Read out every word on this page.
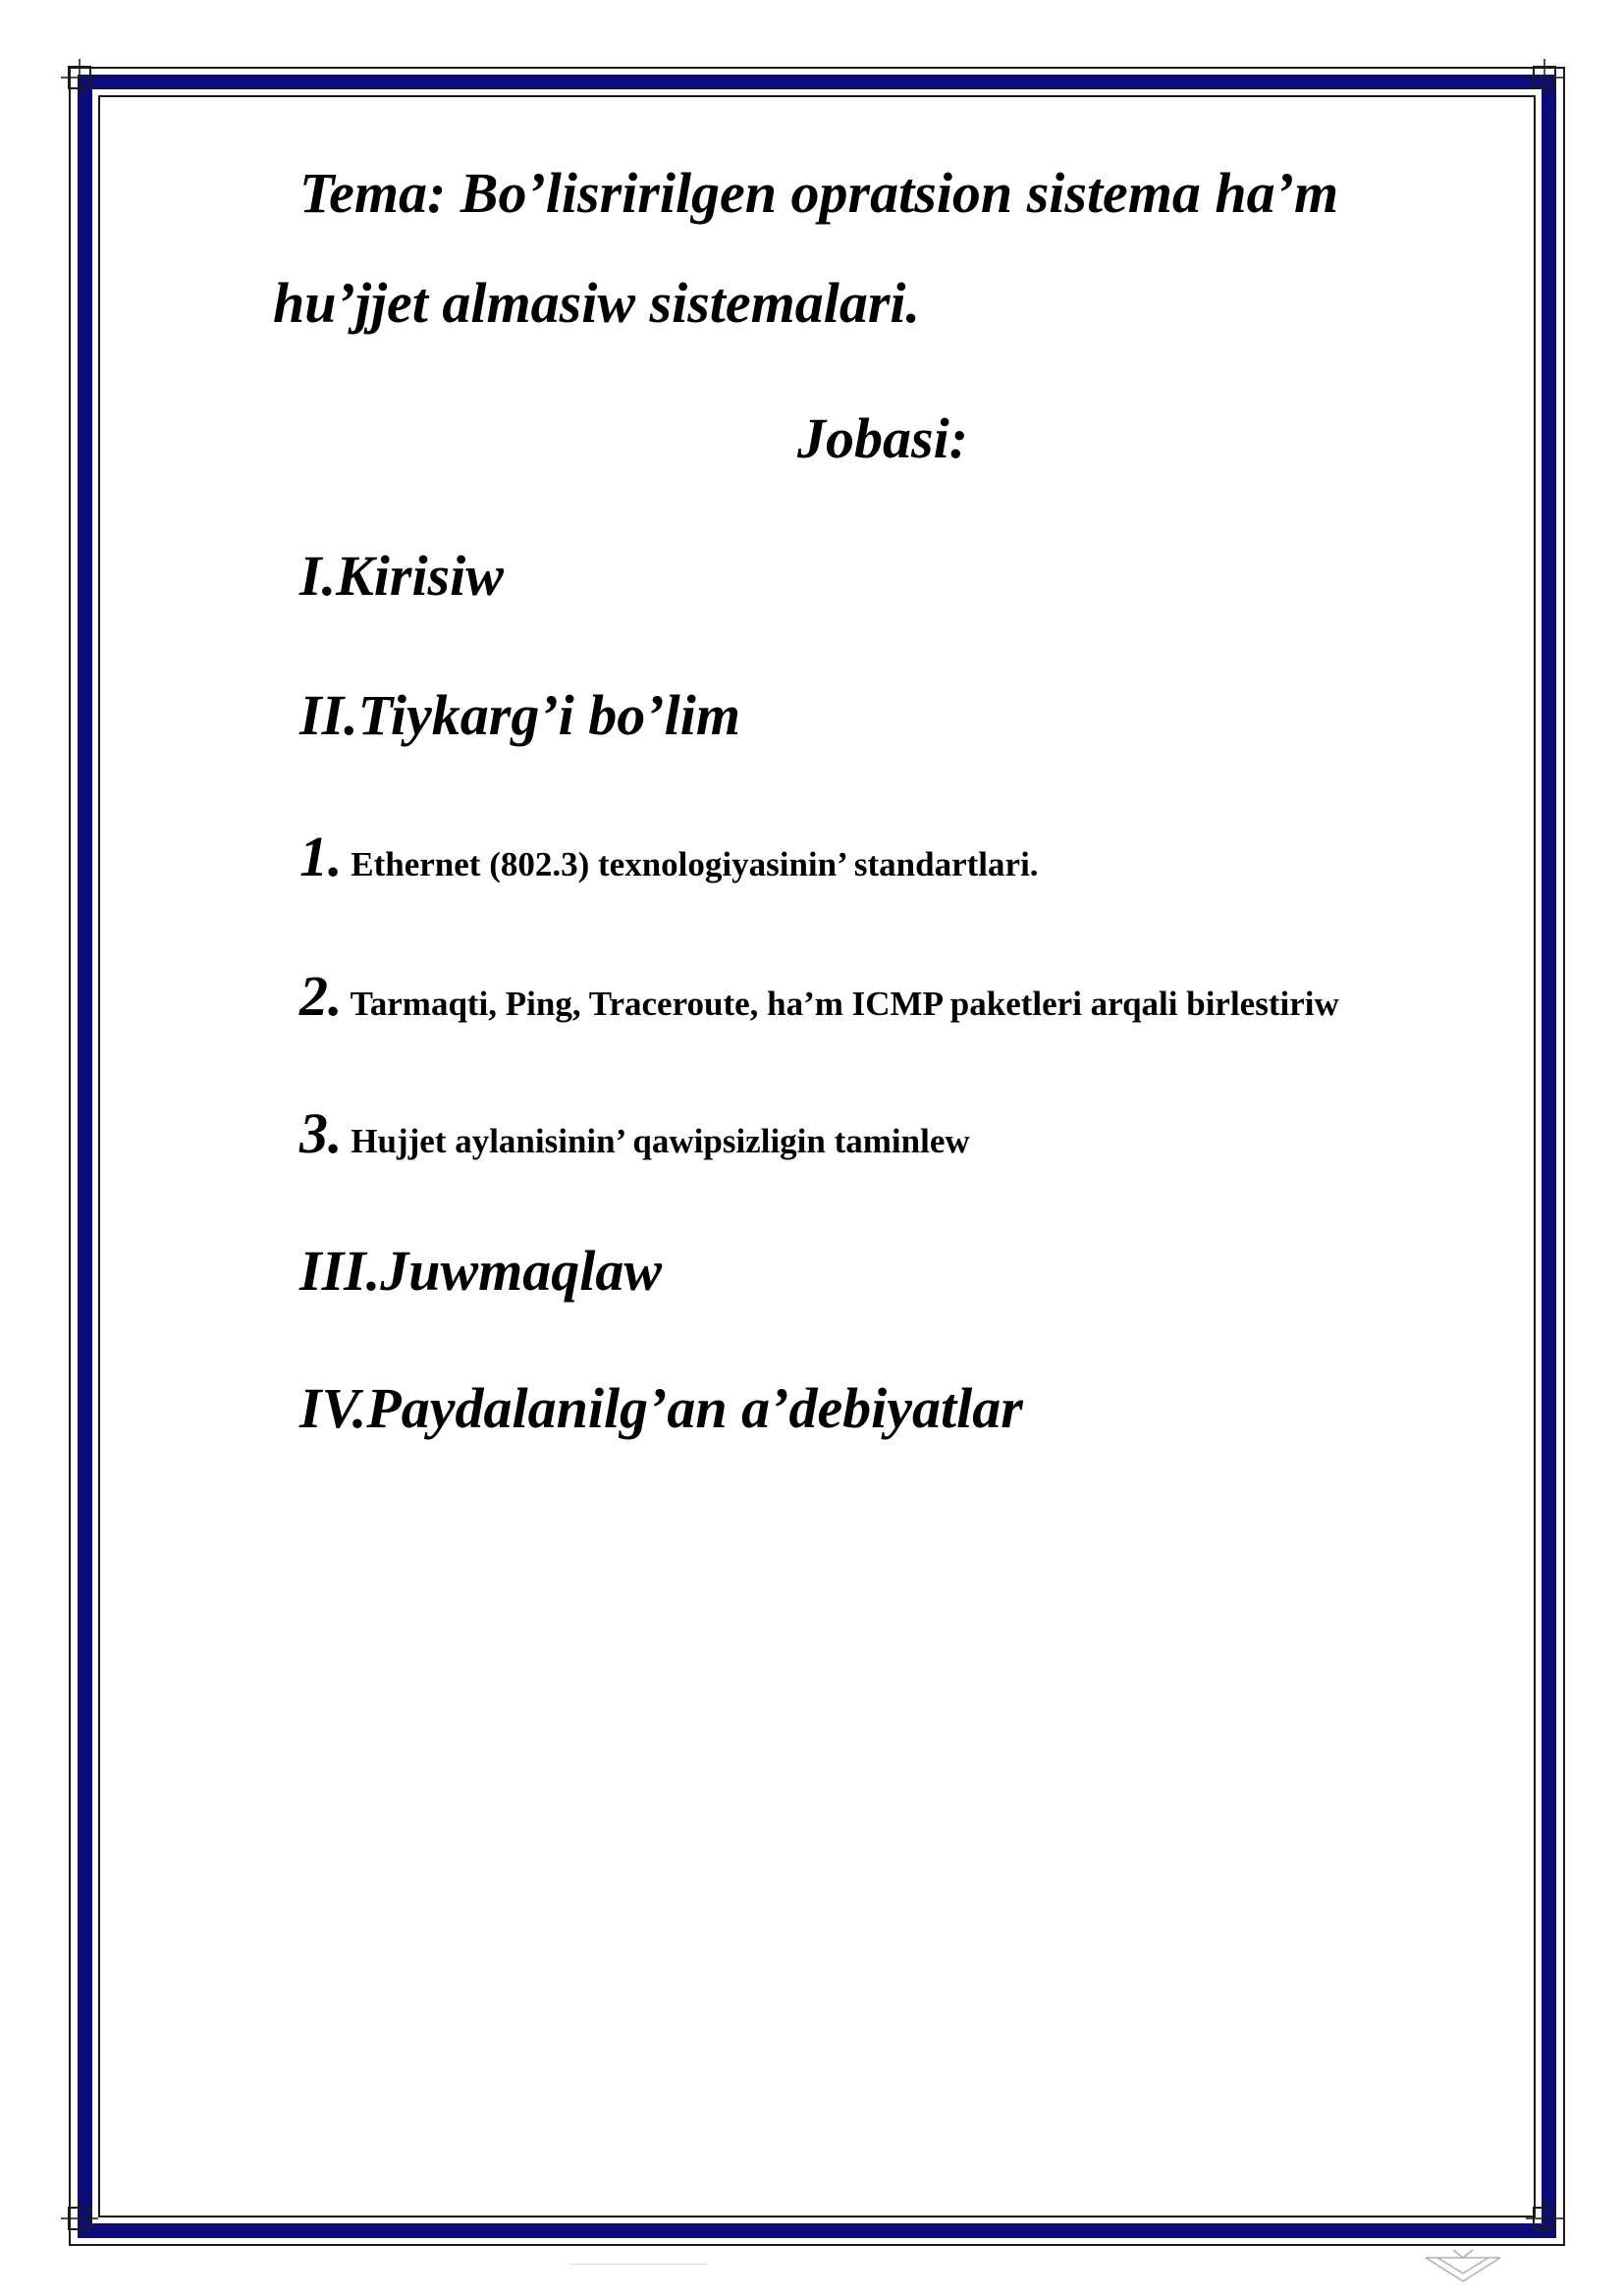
Tema: Bo’lisririlgen opratsion sistema ha’m
hu’jjet almasiw sistemalari.
Jobasi:
I.Kirisiw
II.Tiykarg’i bo’lim
1. Ethernet (802.3) texnologiyasinin’ standartlari.
2. Tarmaqti, Ping, Traceroute, ha’m ICMP paketleri arqali birlestiriw
3. Hujjet aylanisinin’ qawipsizligin taminlew
III.Juwmaqlaw
IV.Paydalanilg’an a’debiyatlar
